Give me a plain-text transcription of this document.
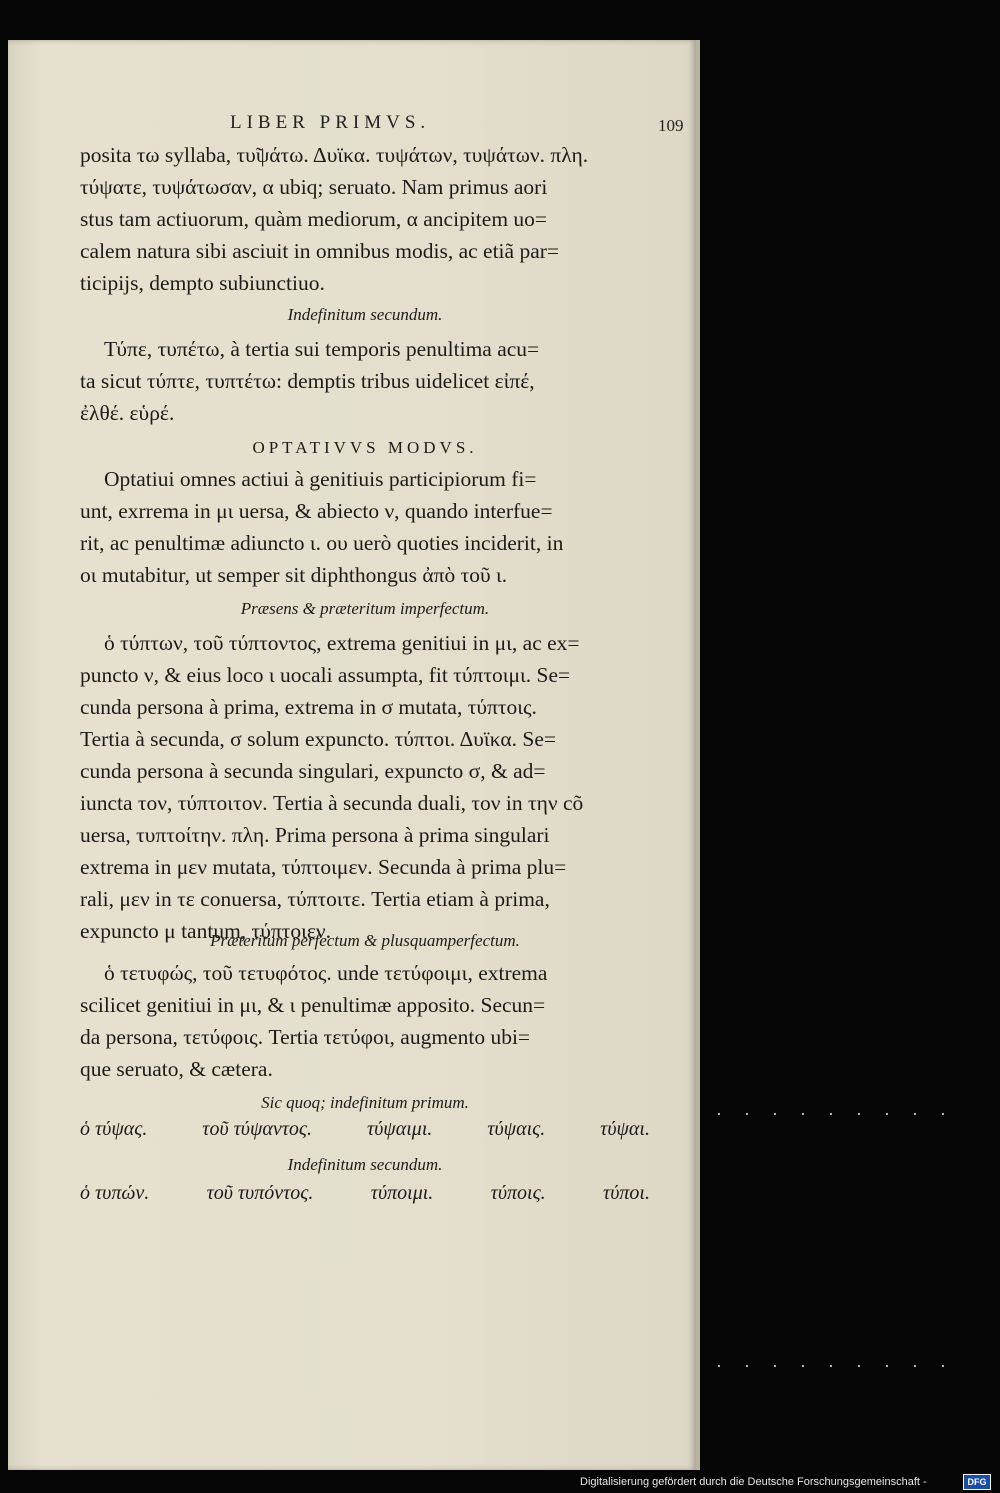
LIBER PRIMVS.	109
posita τω syllaba, τυ̃ψάτω. Δυϊκα. τυψάτων, τυψάτων. πλη.
τύψατε, τυψάτωσαν, α ubiq; seruato. Nam primus aori
stus tam actiuorum, quàm mediorum, α ancipitem uo=
calem natura sibi asciuit in omnibus modis, ac etiã par=
ticipijs, dempto subiunctiuo.
Indefinitum secundum.
Τύπε, τυπέτω, à tertia sui temporis penultima acu=
ta sicut τύπτε, τυπτέτω: demptis tribus uidelicet εἰπέ,
ἐλθέ. εὑρέ.
OPTATIVVS MODVS.
Optatiui omnes actiui à genitiuis participiorum fi=
unt, exrrema in μι uersa, & abiecto ν, quando interfue=
rit, ac penultimæ adiuncto ι. ου uerò quoties inciderit, in
οι mutabitur, ut semper sit diphthongus ἀπὸ τοῦ ι.
Præsens & præteritum imperfectum.
ὁ τύπτων, τοῦ τύπτοντος, extrema genitiui in μι, ac ex=
puncto ν, & eius loco ι uocali assumpta, fit τύπτοιμι. Se=
cunda persona à prima, extrema in σ mutata, τύπτοις.
Tertia à secunda, σ solum expuncto. τύπτοι. Δυϊκα. Se=
cunda persona à secunda singulari, expuncto σ, & ad=
iuncta τον, τύπτοιτον. Tertia à secunda duali, τον in την cõ
uersa, τυπτοίτην. πλη. Prima persona à prima singulari
extrema in μεν mutata, τύπτοιμεν. Secunda à prima plu=
rali, μεν in τε conuersa, τύπτοιτε. Tertia etiam à prima,
expuncto μ tantum, τύπτοιεν.
Præteritum perfectum & plusquamperfectum.
ὁ τετυφώς, τοῦ τετυφότος. unde τετύφοιμι, extrema
scilicet genitiui in μι, & ι penultimæ apposito. Secun=
da persona, τετύφοις. Tertia τετύφοι, augmento ubi=
que seruato, & cætera.
Sic quoq; indefinitum primum.
ὁ τύψας.	τοῦ τύψαντος.	τύψαιμι.	τύψαις.	τύψαι.
Indefinitum secundum.
ὁ τυπών.	τοῦ τυπόντος.	τύποιμι.	τύποις.	τύποι.
Digitalisierung gefördert durch die Deutsche Forschungsgemeinschaft -	DFG
